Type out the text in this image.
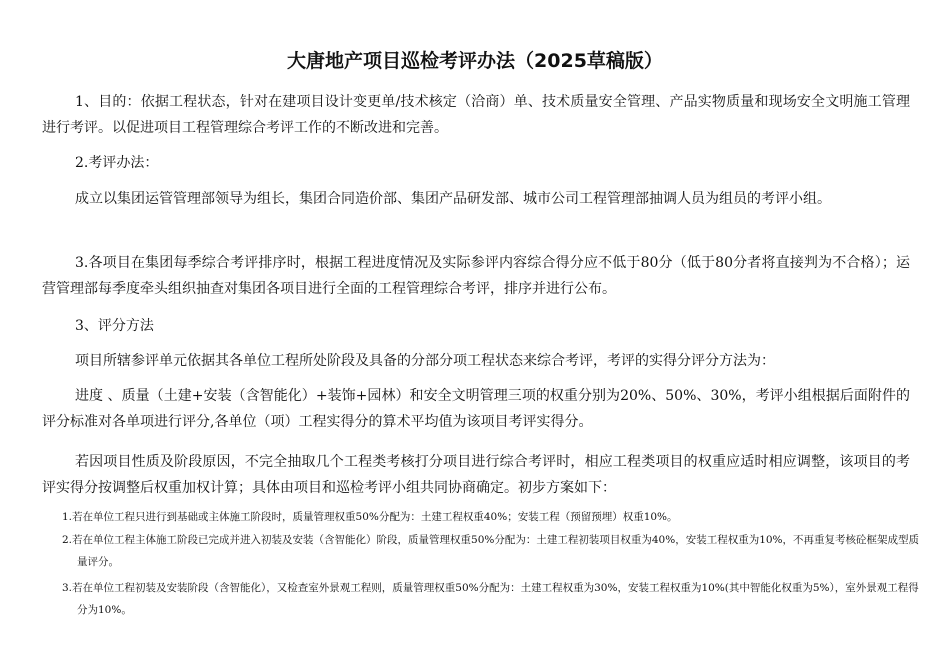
大唐地产项目巡检考评办法（2025草稿版）

1、目的：依据工程状态，针对在建项目设计变更单/技术核定（洽商）单、技术质量安全管理、产品实物质量和现场安全文明施工管理进行考评。以促进项目工程管理综合考评工作的不断改进和完善。

2.考评办法：

成立以集团运管管理部领导为组长，集团合同造价部、集团产品研发部、城市公司工程管理部抽调人员为组员的考评小组。

3.各项目在集团每季综合考评排序时，根据工程进度情况及实际参评内容综合得分应不低于80分（低于80分者将直接判为不合格）；运营管理部每季度牵头组织抽查对集团各项目进行全面的工程管理综合考评，排序并进行公布。

3、评分方法

项目所辖参评单元依据其各单位工程所处阶段及具备的分部分项工程状态来综合考评，考评的实得分评分方法为：

进度 、质量（土建+安装（含智能化）+装饰+园林）和安全文明管理三项的权重分别为20%、50%、30%，考评小组根据后面附件的评分标准对各单项进行评分,各单位（项）工程实得分的算术平均值为该项目考评实得分。

若因项目性质及阶段原因，不完全抽取几个工程类考核打分项目进行综合考评时，相应工程类项目的权重应适时相应调整，该项目的考评实得分按调整后权重加权计算；具体由项目和巡检考评小组共同协商确定。初步方案如下：

1.若在单位工程只进行到基础或主体施工阶段时，质量管理权重50%分配为：土建工程权重40%；安装工程（预留预埋）权重10%。

2.若在单位工程主体施工阶段已完成并进入初装及安装（含智能化）阶段，质量管理权重50%分配为：土建工程初装项目权重为40%，安装工程权重为10%，不再重复考核砼框架成型质量评分。

3.若在单位工程初装及安装阶段（含智能化），又检查室外景观工程则，质量管理权重50%分配为：土建工程权重为30%，安装工程权重为10%(其中智能化权重为5%），室外景观工程得分为10%。
